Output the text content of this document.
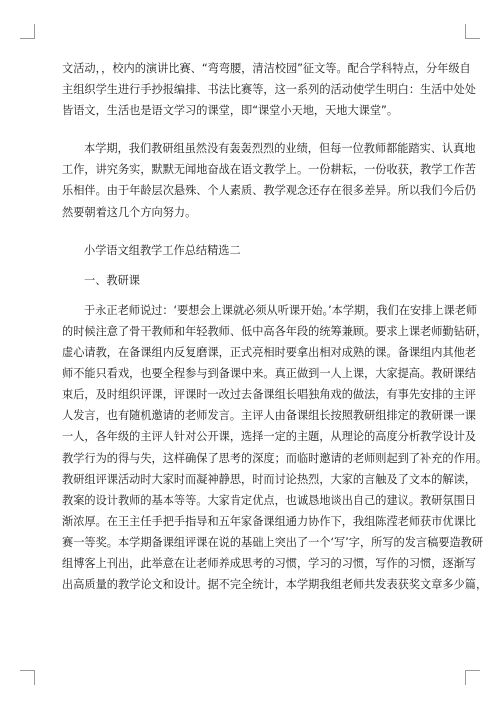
文活动，，校内的演讲比赛、“弯弯腰，清洁校园”征文等。配合学科特点，分年级自
主组织学生进行手抄报编排、书法比赛等，这一系列的活动使学生明白：生活中处处
皆语文，生活也是语文学习的课堂，即“课堂小天地，天地大课堂”。

本学期，我们教研组虽然没有轰轰烈烈的业绩，但每一位教师都能踏实、认真地
工作，讲究务实，默默无闻地奋战在语文教学上。一份耕耘，一份收获，教学工作苦
乐相伴。由于年龄层次悬殊、个人素质、教学观念还存在很多差异。所以我们今后仍
然要朝着这几个方向努力。

小学语文组教学工作总结精选二

一、教研课

于永正老师说过：‘要想会上课就必须从听课开始。’本学期，我们在安排上课老师
的时候注意了骨干教师和年轻教师、低中高各年段的统筹兼顾。要求上课老师勤钻研，
虚心请教，在备课组内反复磨课，正式亮相时要拿出相对成熟的课。备课组内其他老
师不能只看戏，也要全程参与到备课中来。真正做到一人上课，大家提高。教研课结
束后，及时组织评课，评课时一改过去备课组长唱独角戏的做法，有事先安排的主评
人发言，也有随机邀请的老师发言。主评人由备课组长按照教研组排定的教研课一课
一人，各年级的主评人针对公开课，选择一定的主题，从理论的高度分析教学设计及
教学行为的得与失，这样确保了思考的深度；而临时邀请的老师则起到了补充的作用。
教研组评课活动时大家时而凝神静思，时而讨论热烈，大家的言触及了文本的解读，
教案的设计教师的基本等等。大家肯定优点，也诚恳地谈出自己的建议。教研氛围日
渐浓厚。在王主任手把手指导和五年家备课组通力协作下，我组陈滢老师获市优课比
赛一等奖。本学期备课组评课在说的基础上突出了一个‘写’字，所写的发言稿要造教研
组博客上刊出，此举意在让老师养成思考的习惯，学习的习惯，写作的习惯，逐渐写
出高质量的教学论文和设计。据不完全统计，本学期我组老师共发表获奖文章多少篇，
